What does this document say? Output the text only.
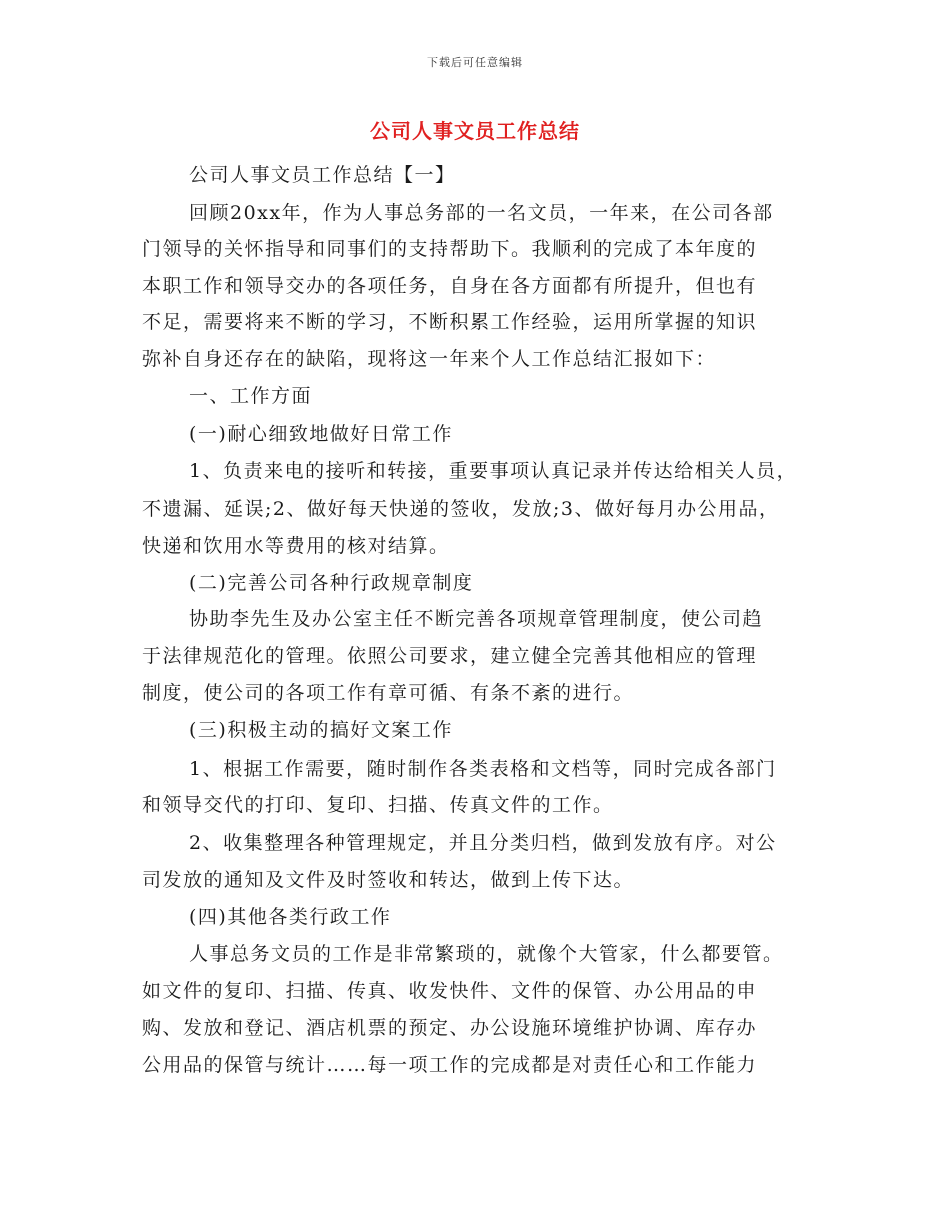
下载后可任意编辑
公司人事文员工作总结
公司人事文员工作总结【一】
回顾20xx年，作为人事总务部的一名文员，一年来，在公司各部
门领导的关怀指导和同事们的支持帮助下。我顺利的完成了本年度的
本职工作和领导交办的各项任务，自身在各方面都有所提升，但也有
不足，需要将来不断的学习，不断积累工作经验，运用所掌握的知识
弥补自身还存在的缺陷，现将这一年来个人工作总结汇报如下：
一、工作方面
(一)耐心细致地做好日常工作
1、负责来电的接听和转接，重要事项认真记录并传达给相关人员，
不遗漏、延误;2、做好每天快递的签收，发放;3、做好每月办公用品，
快递和饮用水等费用的核对结算。
(二)完善公司各种行政规章制度
协助李先生及办公室主任不断完善各项规章管理制度，使公司趋
于法律规范化的管理。依照公司要求，建立健全完善其他相应的管理
制度，使公司的各项工作有章可循、有条不紊的进行。
(三)积极主动的搞好文案工作
1、根据工作需要，随时制作各类表格和文档等，同时完成各部门
和领导交代的打印、复印、扫描、传真文件的工作。
2、收集整理各种管理规定，并且分类归档，做到发放有序。对公
司发放的通知及文件及时签收和转达，做到上传下达。
(四)其他各类行政工作
人事总务文员的工作是非常繁琐的，就像个大管家，什么都要管。
如文件的复印、扫描、传真、收发快件、文件的保管、办公用品的申
购、发放和登记、酒店机票的预定、办公设施环境维护协调、库存办
公用品的保管与统计……每一项工作的完成都是对责任心和工作能力
